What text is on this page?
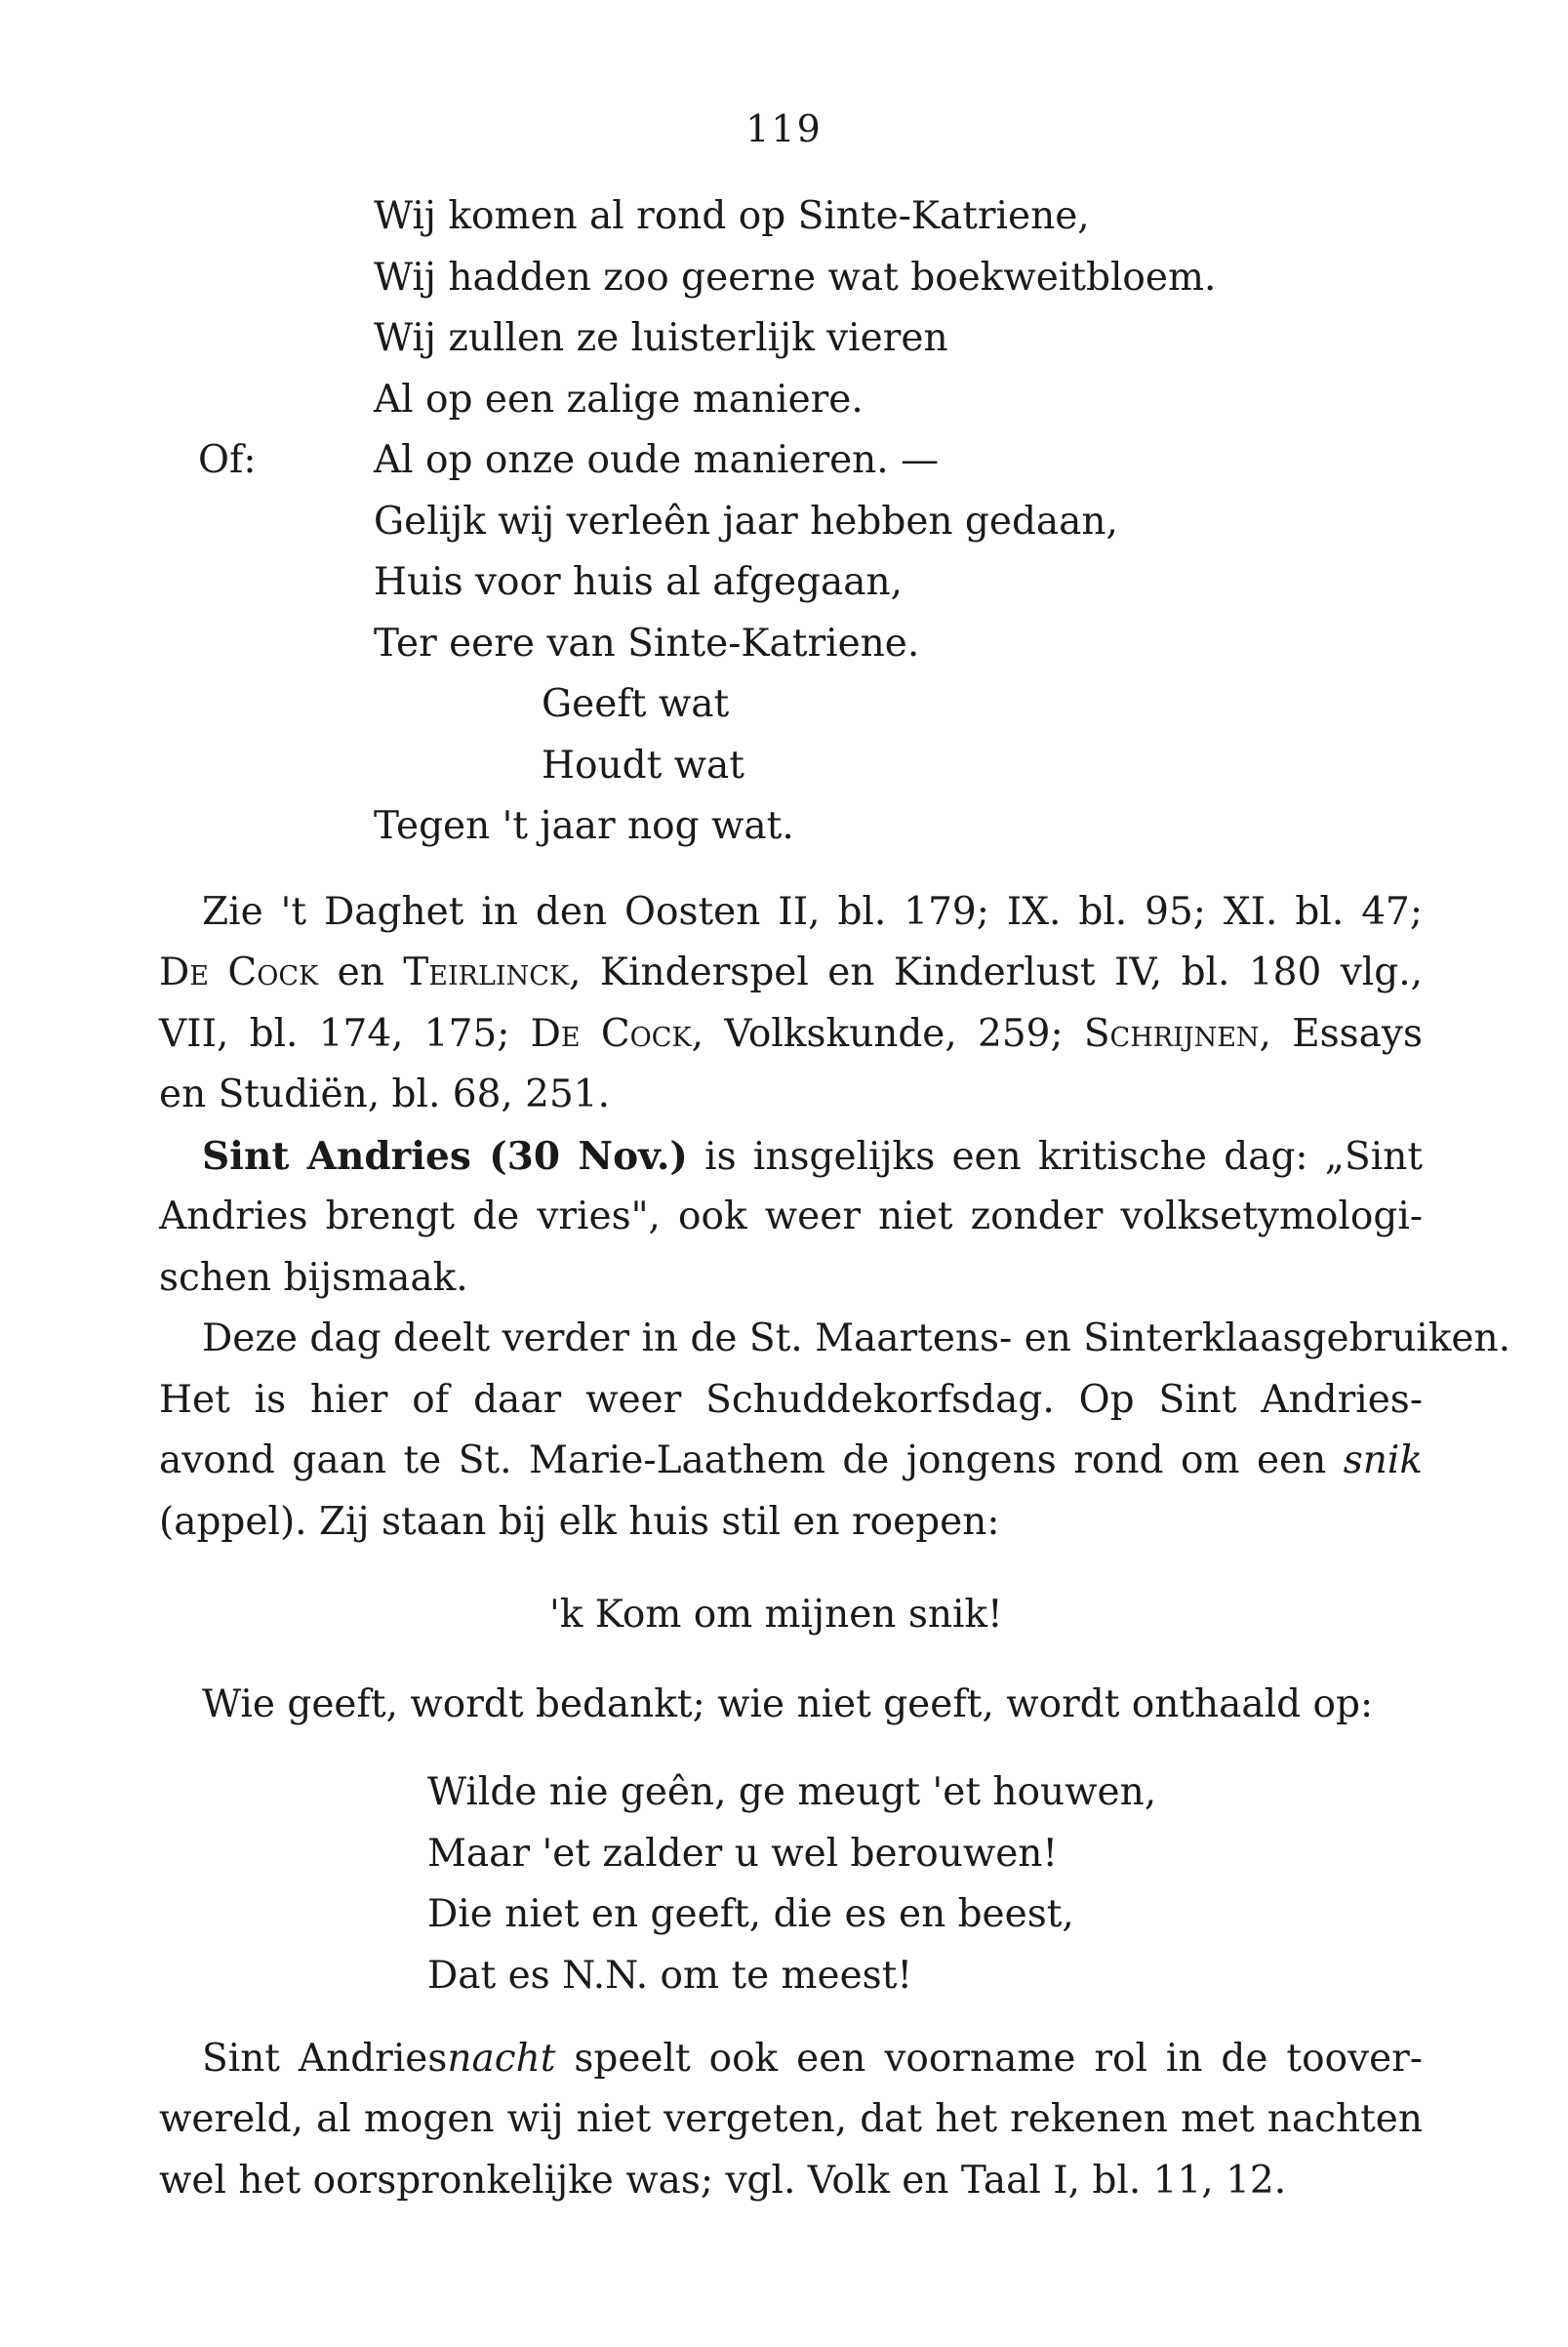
119
Wij komen al rond op Sinte-Katriene,
Wij hadden zoo geerne wat boekweitbloem.
Wij zullen ze luisterlijk vieren
Al op een zalige maniere.
Of:	Al op onze oude manieren. —
Gelijk wij verleên jaar hebben gedaan,
Huis voor huis al afgegaan,
Ter eere van Sinte-Katriene.
Geeft wat
Houdt wat
Tegen 't jaar nog wat.
Zie 't Daghet in den Oosten II, bl. 179; IX. bl. 95; XI. bl. 47;
De Cock en Teirlinck, Kinderspel en Kinderlust IV, bl. 180 vlg.,
VII, bl. 174, 175; De Cock, Volkskunde, 259; Schrijnen, Essays
en Studiën, bl. 68, 251.
Sint Andries (30 Nov.) is insgelijks een kritische dag: „Sint
Andries brengt de vries", ook weer niet zonder volksetymologi-
schen bijsmaak.
Deze dag deelt verder in de St. Maartens- en Sinterklaasgebruiken.
Het is hier of daar weer Schuddekorfsdag. Op Sint Andries-
avond gaan te St. Marie-Laathem de jongens rond om een snik
(appel). Zij staan bij elk huis stil en roepen:
'k Kom om mijnen snik!
Wie geeft, wordt bedankt; wie niet geeft, wordt onthaald op:
Wilde nie geên, ge meugt 'et houwen,
Maar 'et zalder u wel berouwen!
Die niet en geeft, die es en beest,
Dat es N.N. om te meest!
Sint Andriesnacht speelt ook een voorname rol in de toover-
wereld, al mogen wij niet vergeten, dat het rekenen met nachten
wel het oorspronkelijke was; vgl. Volk en Taal I, bl. 11, 12.
